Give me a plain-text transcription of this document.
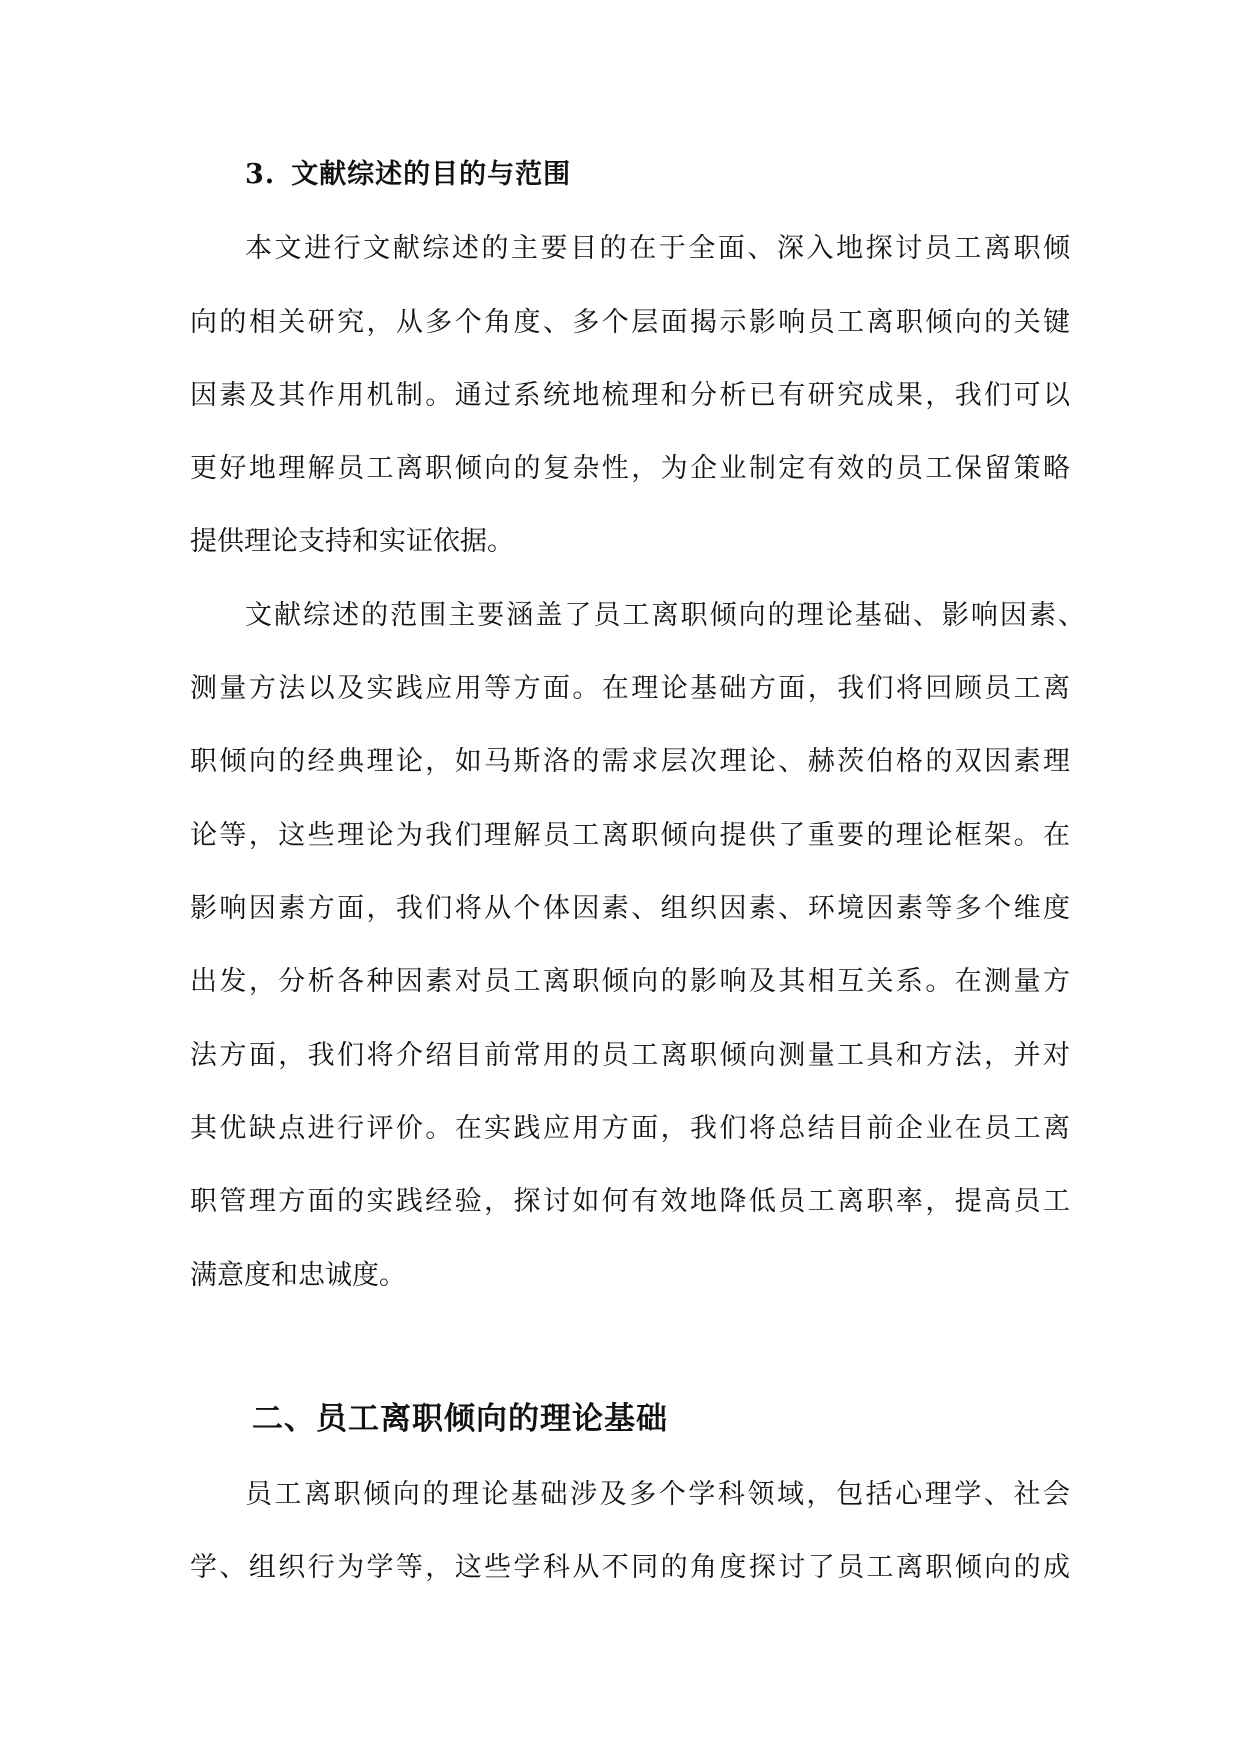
3. 文献综述的目的与范围
本文进行文献综述的主要目的在于全面、深入地探讨员工离职倾
向的相关研究，从多个角度、多个层面揭示影响员工离职倾向的关键
因素及其作用机制。通过系统地梳理和分析已有研究成果，我们可以
更好地理解员工离职倾向的复杂性，为企业制定有效的员工保留策略
提供理论支持和实证依据。
文献综述的范围主要涵盖了员工离职倾向的理论基础、影响因素、
测量方法以及实践应用等方面。在理论基础方面，我们将回顾员工离
职倾向的经典理论，如马斯洛的需求层次理论、赫茨伯格的双因素理
论等，这些理论为我们理解员工离职倾向提供了重要的理论框架。在
影响因素方面，我们将从个体因素、组织因素、环境因素等多个维度
出发，分析各种因素对员工离职倾向的影响及其相互关系。在测量方
法方面，我们将介绍目前常用的员工离职倾向测量工具和方法，并对
其优缺点进行评价。在实践应用方面，我们将总结目前企业在员工离
职管理方面的实践经验，探讨如何有效地降低员工离职率，提高员工
满意度和忠诚度。
二、员工离职倾向的理论基础
员工离职倾向的理论基础涉及多个学科领域，包括心理学、社会
学、组织行为学等，这些学科从不同的角度探讨了员工离职倾向的成
